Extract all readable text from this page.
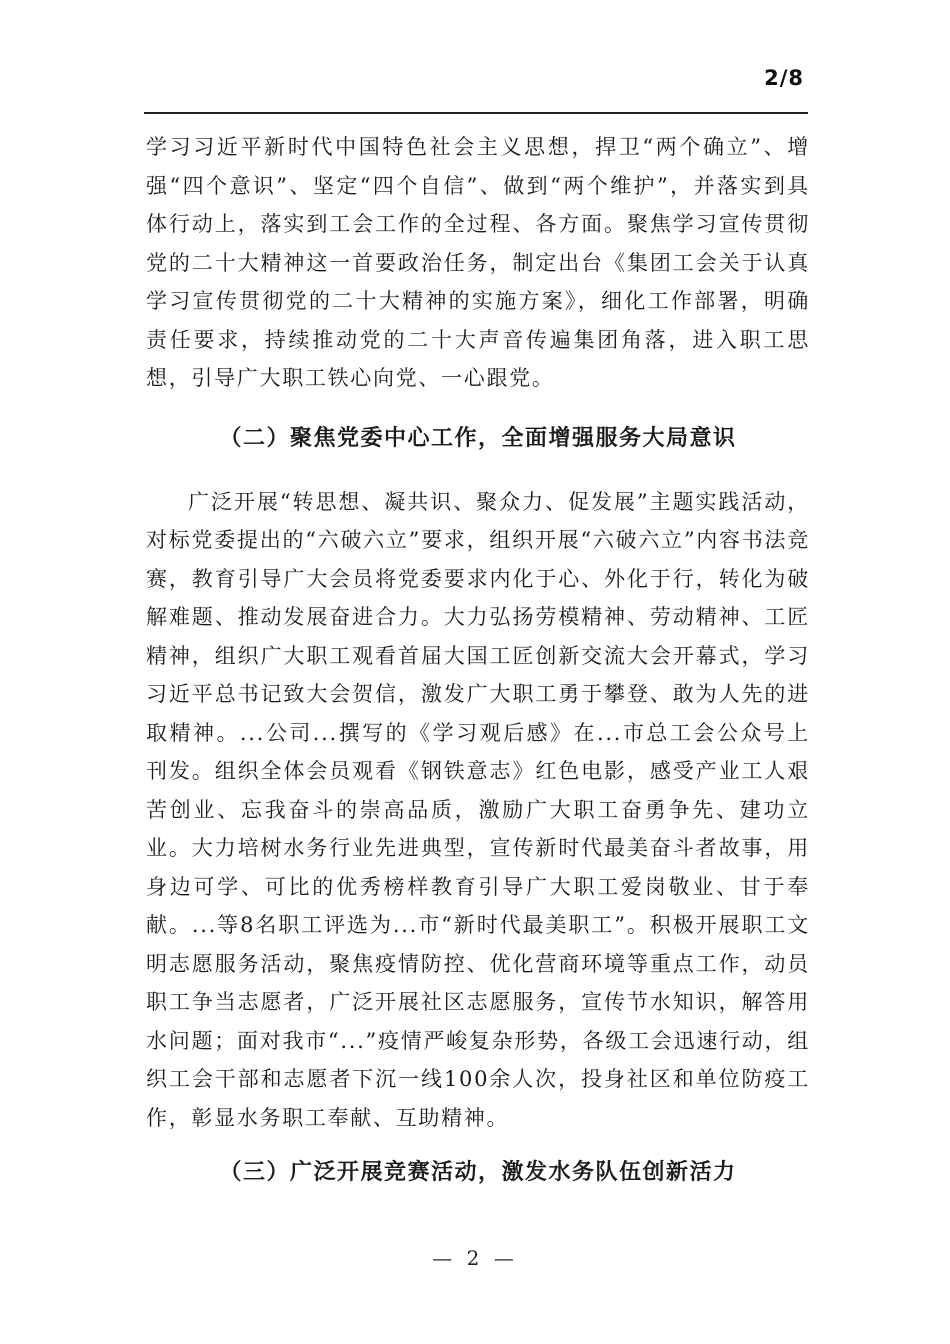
2/8

学习习近平新时代中国特色社会主义思想，捍卫“两个确立”、增强“四个意识”、坚定“四个自信”、做到“两个维护”，并落实到具体行动上，落实到工会工作的全过程、各方面。聚焦学习宣传贯彻党的二十大精神这一首要政治任务，制定出台《集团工会关于认真学习宣传贯彻党的二十大精神的实施方案》，细化工作部署，明确责任要求，持续推动党的二十大声音传遍集团角落，进入职工思想，引导广大职工铁心向党、一心跟党。

（二）聚焦党委中心工作，全面增强服务大局意识

广泛开展“转思想、凝共识、聚众力、促发展”主题实践活动，对标党委提出的“六破六立”要求，组织开展“六破六立”内容书法竞赛，教育引导广大会员将党委要求内化于心、外化于行，转化为破解难题、推动发展奋进合力。大力弘扬劳模精神、劳动精神、工匠精神，组织广大职工观看首届大国工匠创新交流大会开幕式，学习习近平总书记致大会贺信，激发广大职工勇于攀登、敢为人先的进取精神。...公司...撰写的《学习观后感》在...市总工会公众号上刊发。组织全体会员观看《钢铁意志》红色电影，感受产业工人艰苦创业、忘我奋斗的崇高品质，激励广大职工奋勇争先、建功立业。大力培树水务行业先进典型，宣传新时代最美奋斗者故事，用身边可学、可比的优秀榜样教育引导广大职工爱岗敬业、甘于奉献。...等8名职工评选为...市“新时代最美职工”。积极开展职工文明志愿服务活动，聚焦疫情防控、优化营商环境等重点工作，动员职工争当志愿者，广泛开展社区志愿服务，宣传节水知识，解答用水问题；面对我市“...”疫情严峻复杂形势，各级工会迅速行动，组织工会干部和志愿者下沉一线100余人次，投身社区和单位防疫工作，彰显水务职工奉献、互助精神。

（三）广泛开展竞赛活动，激发水务队伍创新活力
— 2 —
